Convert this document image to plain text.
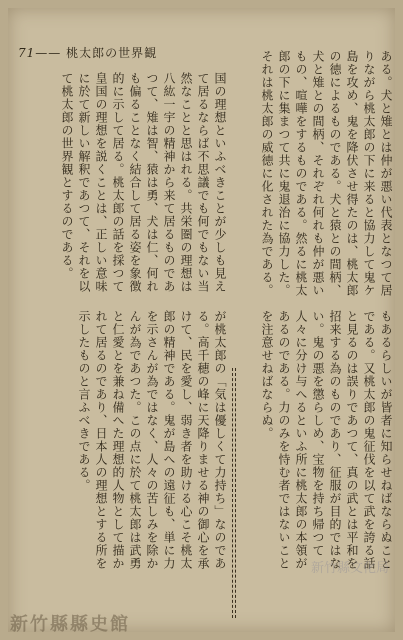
71—— 桃太郎の世界観	ある。犬と雉とは仲が悪い代表となつて居りながら桃太郎の下に来ると協力して鬼ケ島を攻め、鬼を降伏させ得たのは、桃太郎の徳によるものである。犬と猿との間柄、犬と雉との間柄、それぞれ何れも仲が悪いもの、喧嘩をするものである。然るに桃太郎の下に集まつて共に鬼退治に協力した。それは桃太郎の威徳に化された為である。

国の理想といふべきことが少しも見えて居るならば不思議でも何でもない当然なことと思はれる。共栄圏の理想は八紘一宇の精神から来て居るものであつて、雉は智、猿は勇、犬は仁、何れも偏ることなく結合して居る姿を象徴的に示して居る。桃太郎の話を採つて皇国の理想を説くことは、正しい意味に於て新しい解釈であつて、それを以て桃太郎の世界観とするのである。

もあるらしいが皆者に知らせねばならぬことである。又桃太郎の鬼征伐を以て武を誇る話と見るのは誤りであつて、真の武とは平和を招来する為のものであり、征服が目的ではない。鬼の悪を懲らしめ、宝物を持ち帰つて人々に分け与へるといふ所に桃太郎の本領があるのである。力のみを恃む者ではないことを注意せねばならぬ。

が桃太郎の「気は優しくて力持ち」なのである。高千穂の峰に天降りませる神の御心を承けて、民を愛し、弱き者を助ける心こそ桃太郎の精神である。鬼が島への遠征も、単に力を示さんが為ではなく、人々の苦しみを除かんが為であつた。この点に於て桃太郎は武勇と仁愛とを兼ね備へた理想的人物として描かれて居るのであり、日本人の理想とする所を示したものと言ふべきである。

新竹縣文化局
新竹縣縣史館
